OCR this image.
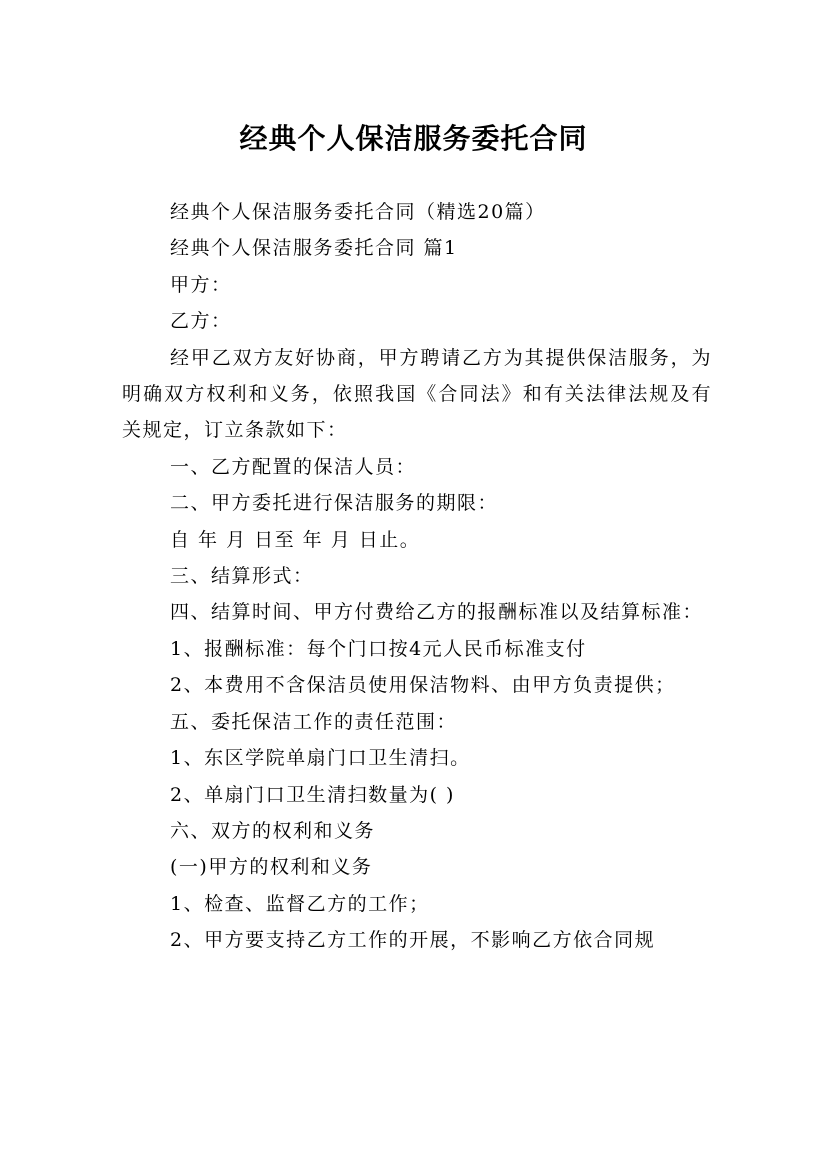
经典个人保洁服务委托合同

经典个人保洁服务委托合同（精选20篇）

经典个人保洁服务委托合同 篇1

甲方：

乙方：

经甲乙双方友好协商，甲方聘请乙方为其提供保洁服务，为明确双方权利和义务，依照我国《合同法》和有关法律法规及有关规定，订立条款如下：

一、乙方配置的保洁人员：

二、甲方委托进行保洁服务的期限：

自 年 月 日至 年 月 日止。

三、结算形式：

四、结算时间、甲方付费给乙方的报酬标准以及结算标准：

1、报酬标准：每个门口按4元人民币标准支付

2、本费用不含保洁员使用保洁物料、由甲方负责提供；

五、委托保洁工作的责任范围：

1、东区学院单扇门口卫生清扫。

2、单扇门口卫生清扫数量为( )

六、双方的权利和义务

(一)甲方的权利和义务

1、检查、监督乙方的工作；

2、甲方要支持乙方工作的开展，不影响乙方依合同规
